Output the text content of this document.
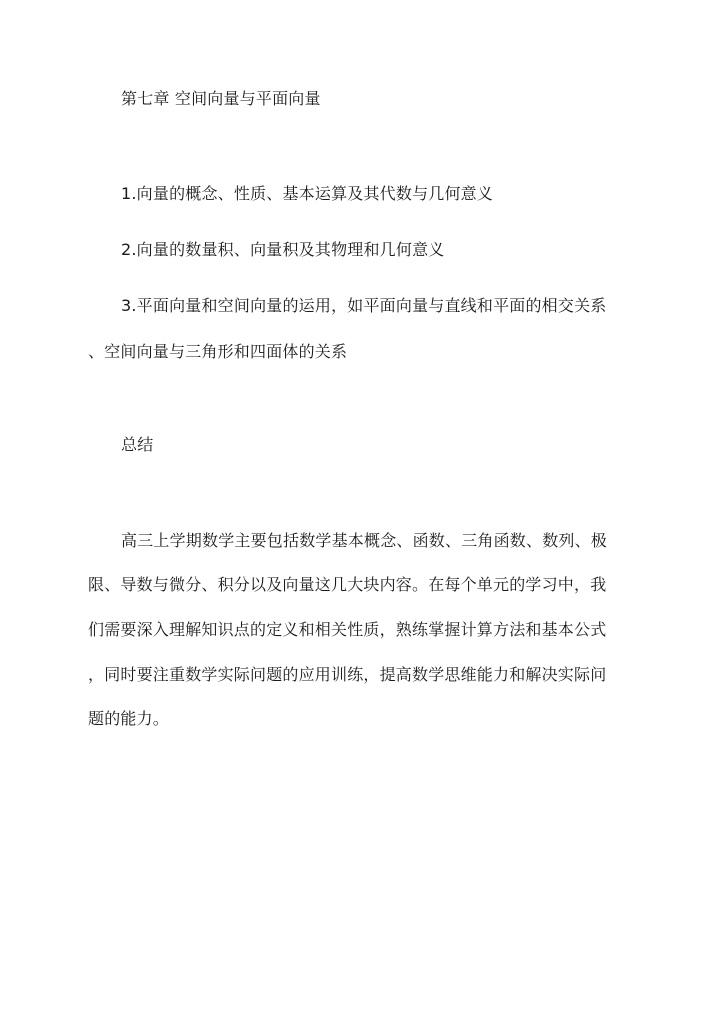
第七章 空间向量与平面向量
1.向量的概念、性质、基本运算及其代数与几何意义
2.向量的数量积、向量积及其物理和几何意义
3.平面向量和空间向量的运用，如平面向量与直线和平面的相交关系
、空间向量与三角形和四面体的关系
总结
高三上学期数学主要包括数学基本概念、函数、三角函数、数列、极
限、导数与微分、积分以及向量这几大块内容。在每个单元的学习中，我
们需要深入理解知识点的定义和相关性质，熟练掌握计算方法和基本公式
，同时要注重数学实际问题的应用训练，提高数学思维能力和解决实际问
题的能力。
